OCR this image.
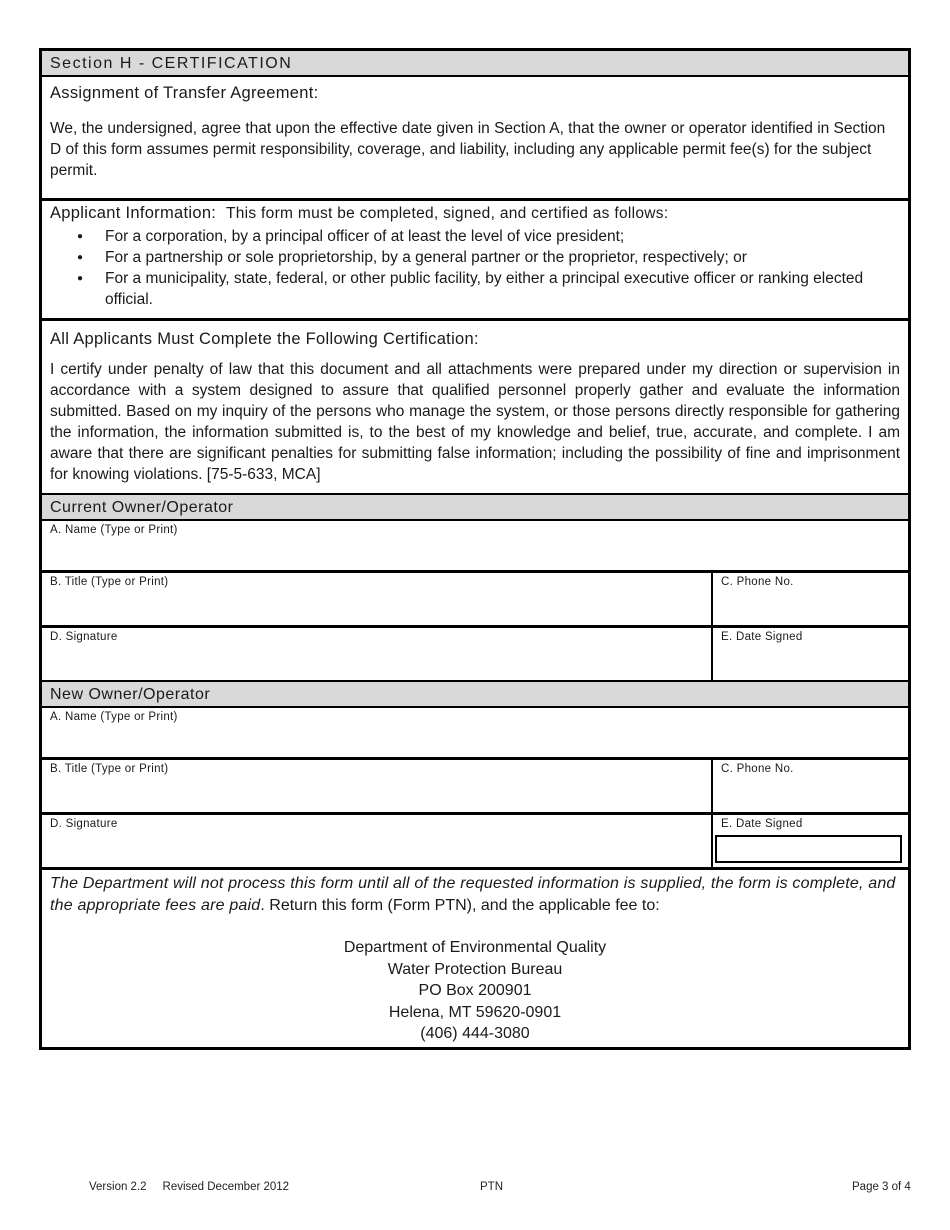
Section H - CERTIFICATION
Assignment of Transfer Agreement:

We, the undersigned, agree that upon the effective date given in Section A, that the owner or operator identified in Section D of this form assumes permit responsibility, coverage, and liability, including any applicable permit fee(s) for the subject permit.

Applicant Information: This form must be completed, signed, and certified as follows:
● For a corporation, by a principal officer of at least the level of vice president;
● For a partnership or sole proprietorship, by a general partner or the proprietor, respectively; or
● For a municipality, state, federal, or other public facility, by either a principal executive officer or ranking elected official.
All Applicants Must Complete the Following Certification:

I certify under penalty of law that this document and all attachments were prepared under my direction or supervision in accordance with a system designed to assure that qualified personnel properly gather and evaluate the information submitted. Based on my inquiry of the persons who manage the system, or those persons directly responsible for gathering the information, the information submitted is, to the best of my knowledge and belief, true, accurate, and complete. I am aware that there are significant penalties for submitting false information; including the possibility of fine and imprisonment for knowing violations. [75-5-633, MCA]

Current Owner/Operator
A. Name (Type or Print)
B. Title (Type or Print)	C. Phone No.
D. Signature	E. Date Signed
New Owner/Operator
A. Name (Type or Print)
B. Title (Type or Print)	C. Phone No.
D. Signature	E. Date Signed

The Department will not process this form until all of the requested information is supplied, the form is complete, and the appropriate fees are paid. Return this form (Form PTN), and the applicable fee to:

Department of Environmental Quality
Water Protection Bureau
PO Box 200901
Helena, MT 59620-0901
(406) 444-3080
Version 2.2     Revised December 2012	PTN	Page 3 of 4
